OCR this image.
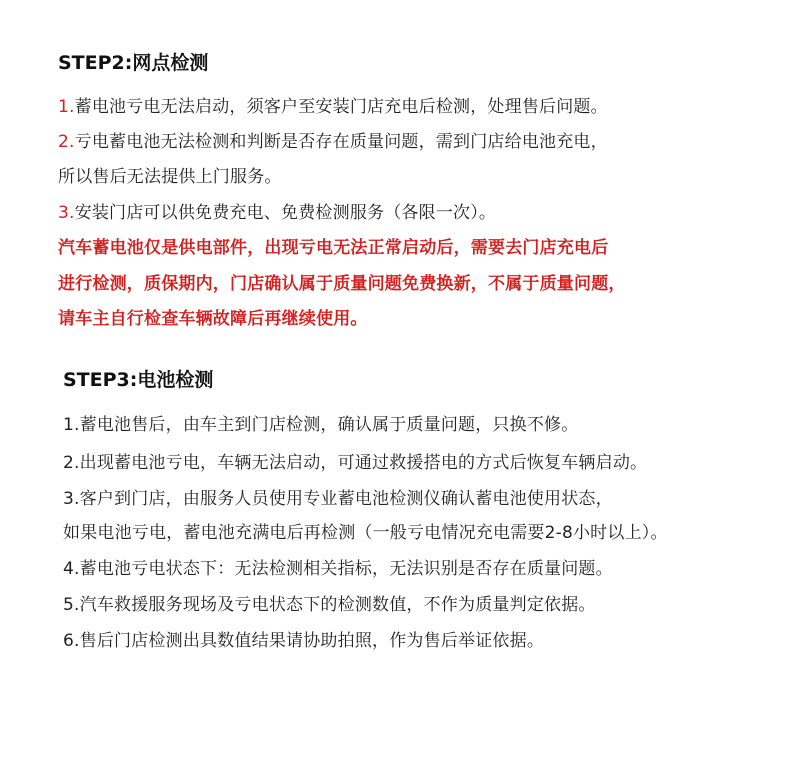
STEP2:网点检测
1.蓄电池亏电无法启动，须客户至安装门店充电后检测，处理售后问题。
2.亏电蓄电池无法检测和判断是否存在质量问题，需到门店给电池充电，
所以售后无法提供上门服务。
3.安装门店可以供免费充电、免费检测服务（各限一次）。
汽车蓄电池仅是供电部件，出现亏电无法正常启动后，需要去门店充电后
进行检测，质保期内，门店确认属于质量问题免费换新，不属于质量问题，
请车主自行检查车辆故障后再继续使用。
STEP3:电池检测
1.蓄电池售后，由车主到门店检测，确认属于质量问题，只换不修。
2.出现蓄电池亏电，车辆无法启动，可通过救援搭电的方式后恢复车辆启动。
3.客户到门店，由服务人员使用专业蓄电池检测仪确认蓄电池使用状态，
如果电池亏电，蓄电池充满电后再检测（一般亏电情况充电需要2-8小时以上）。
4.蓄电池亏电状态下：无法检测相关指标，无法识别是否存在质量问题。
5.汽车救援服务现场及亏电状态下的检测数值，不作为质量判定依据。
6.售后门店检测出具数值结果请协助拍照，作为售后举证依据。
